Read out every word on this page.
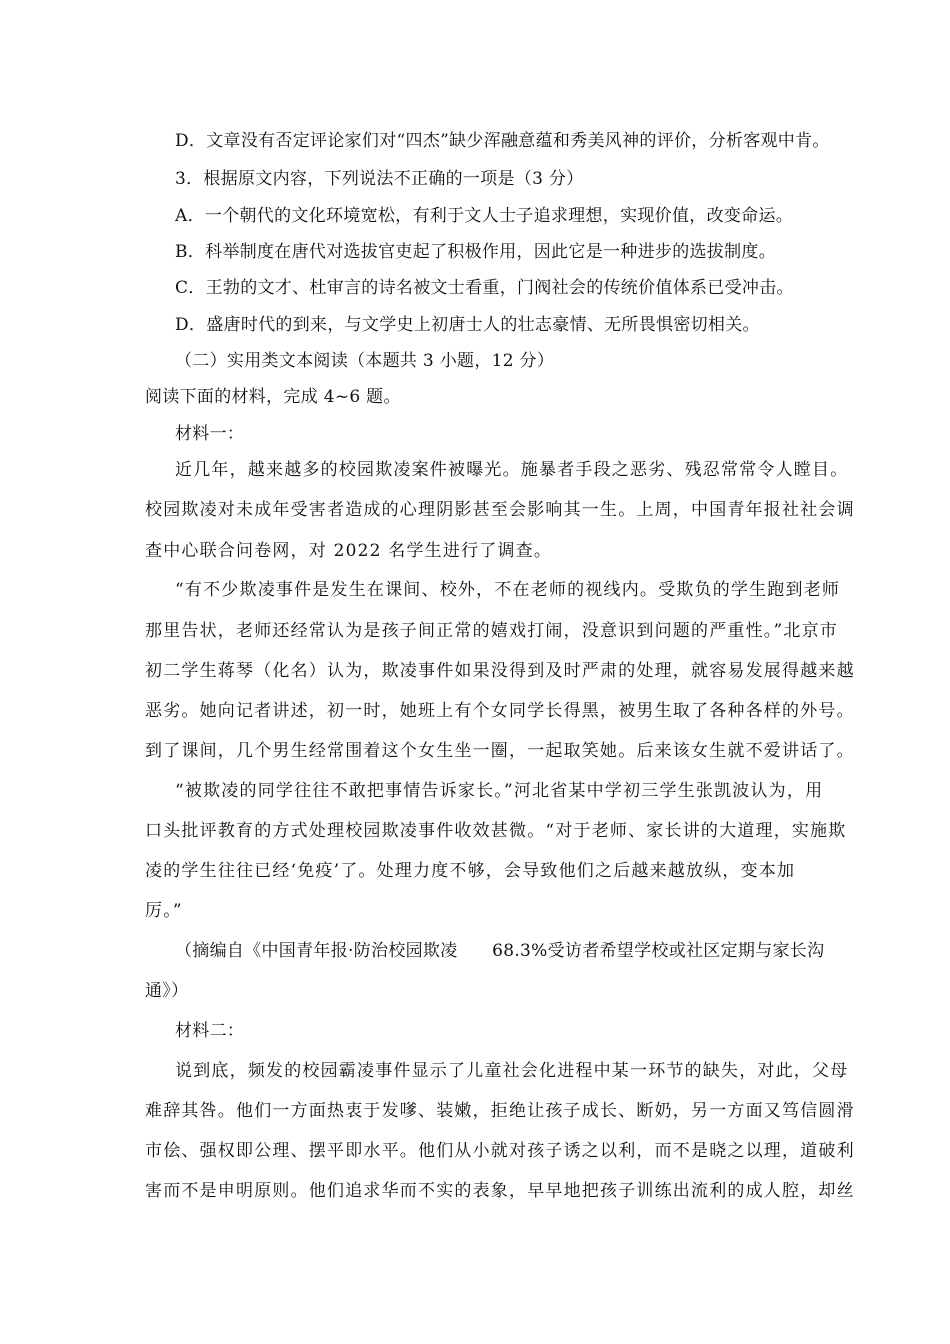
D．文章没有否定评论家们对“四杰”缺少浑融意蕴和秀美风神的评价，分析客观中肯。
3．根据原文内容，下列说法不正确的一项是（3 分）
A．一个朝代的文化环境宽松，有利于文人士子追求理想，实现价值，改变命运。
B．科举制度在唐代对选拔官吏起了积极作用，因此它是一种进步的选拔制度。
C．王勃的文才、杜审言的诗名被文士看重，门阀社会的传统价值体系已受冲击。
D．盛唐时代的到来，与文学史上初唐士人的壮志豪情、无所畏惧密切相关。
（二）实用类文本阅读（本题共 3 小题，12 分）
阅读下面的材料，完成 4~6 题。
材料一：
近几年，越来越多的校园欺凌案件被曝光。施暴者手段之恶劣、残忍常常令人瞠目。
校园欺凌对未成年受害者造成的心理阴影甚至会影响其一生。上周，中国青年报社社会调
查中心联合问卷网，对 2022 名学生进行了调查。
“有不少欺凌事件是发生在课间、校外，不在老师的视线内。受欺负的学生跑到老师
那里告状，老师还经常认为是孩子间正常的嬉戏打闹，没意识到问题的严重性。”北京市
初二学生蒋琴（化名）认为，欺凌事件如果没得到及时严肃的处理，就容易发展得越来越
恶劣。她向记者讲述，初一时，她班上有个女同学长得黑，被男生取了各种各样的外号。
到了课间，几个男生经常围着这个女生坐一圈，一起取笑她。后来该女生就不爱讲话了。
“被欺凌的同学往往不敢把事情告诉家长。”河北省某中学初三学生张凯波认为，用
口头批评教育的方式处理校园欺凌事件收效甚微。“对于老师、家长讲的大道理，实施欺
凌的学生往往已经‘免疫’了。处理力度不够，会导致他们之后越来越放纵，变本加
厉。”
（摘编自《中国青年报·防治校园欺凌　　68.3%受访者希望学校或社区定期与家长沟
通》）
材料二：
说到底，频发的校园霸凌事件显示了儿童社会化进程中某一环节的缺失，对此，父母
难辞其咎。他们一方面热衷于发嗲、装嫩，拒绝让孩子成长、断奶，另一方面又笃信圆滑
市侩、强权即公理、摆平即水平。他们从小就对孩子诱之以利，而不是晓之以理，道破利
害而不是申明原则。他们追求华而不实的表象，早早地把孩子训练出流利的成人腔，却丝
